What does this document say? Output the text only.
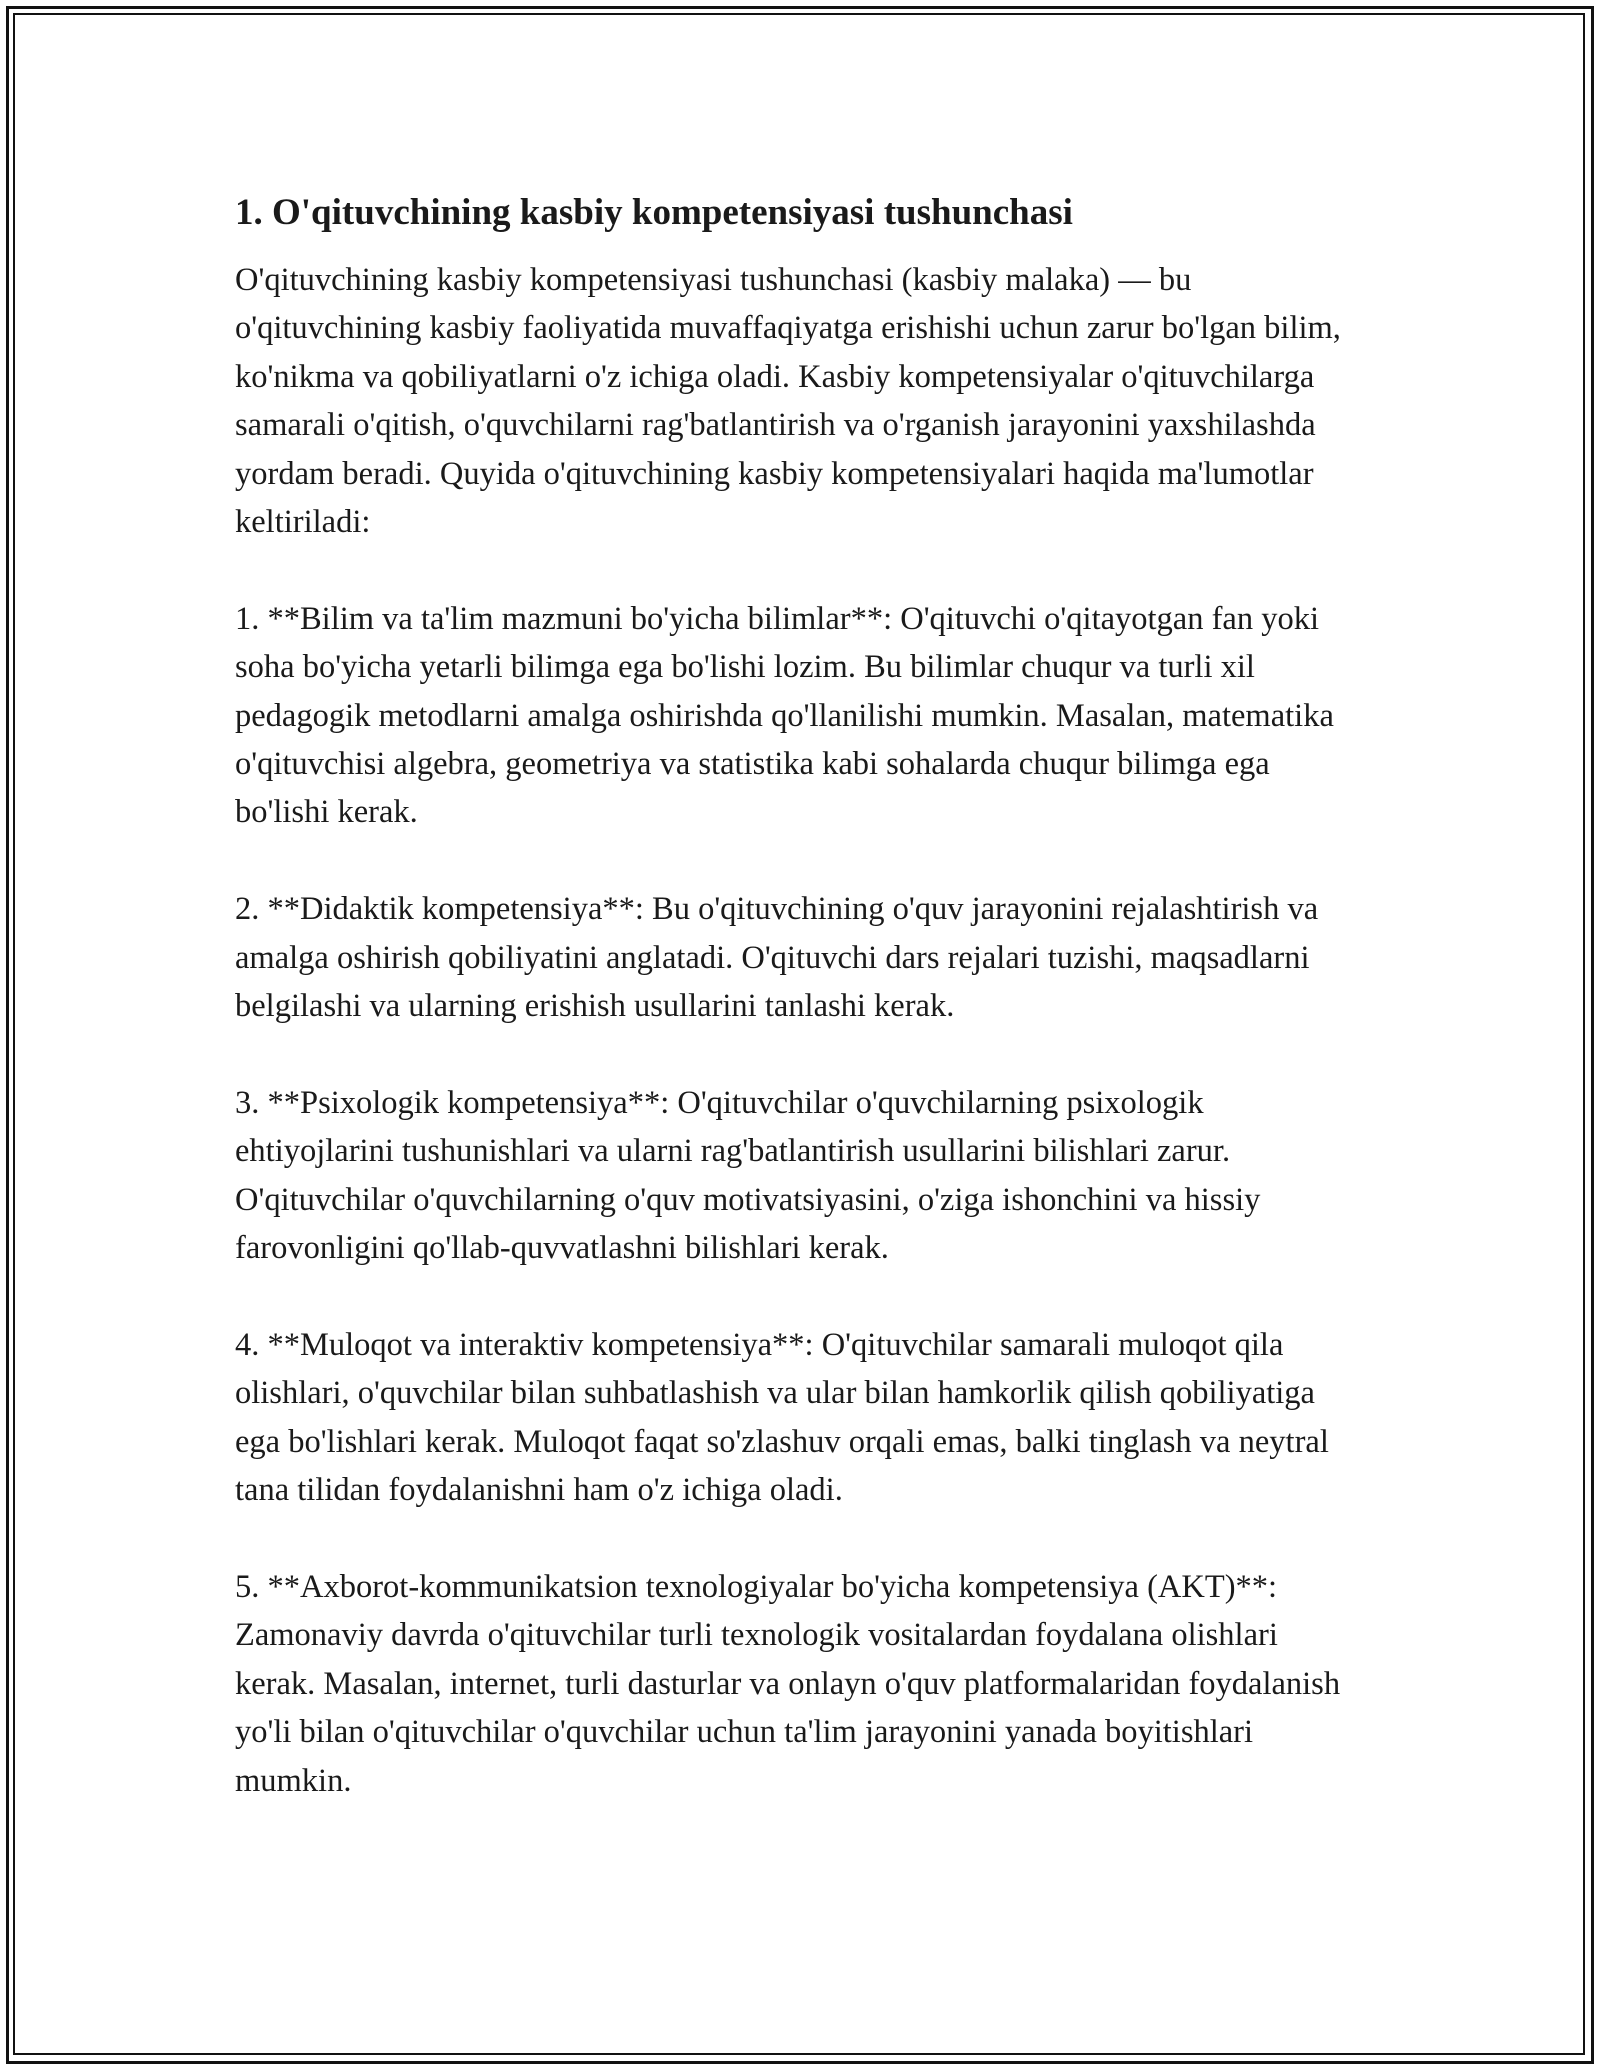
1. O'qituvchining kasbiy kompetensiyasi tushunchasi

O'qituvchining kasbiy kompetensiyasi tushunchasi (kasbiy malaka) — bu o'qituvchining kasbiy faoliyatida muvaffaqiyatga erishishi uchun zarur bo'lgan bilim, ko'nikma va qobiliyatlarni o'z ichiga oladi. Kasbiy kompetensiyalar o'qituvchilarga samarali o'qitish, o'quvchilarni rag'batlantirish va o'rganish jarayonini yaxshilashda yordam beradi. Quyida o'qituvchining kasbiy kompetensiyalari haqida ma'lumotlar keltiriladi:

1. **Bilim va ta'lim mazmuni bo'yicha bilimlar**: O'qituvchi o'qitayotgan fan yoki soha bo'yicha yetarli bilimga ega bo'lishi lozim. Bu bilimlar chuqur va turli xil pedagogik metodlarni amalga oshirishda qo'llanilishi mumkin. Masalan, matematika o'qituvchisi algebra, geometriya va statistika kabi sohalarda chuqur bilimga ega bo'lishi kerak.

2. **Didaktik kompetensiya**: Bu o'qituvchining o'quv jarayonini rejalashtirish va amalga oshirish qobiliyatini anglatadi. O'qituvchi dars rejalari tuzishi, maqsadlarni belgilashi va ularning erishish usullarini tanlashi kerak.

3. **Psixologik kompetensiya**: O'qituvchilar o'quvchilarning psixologik ehtiyojlarini tushunishlari va ularni rag'batlantirish usullarini bilishlari zarur. O'qituvchilar o'quvchilarning o'quv motivatsiyasini, o'ziga ishonchini va hissiy farovonligini qo'llab-quvvatlashni bilishlari kerak.

4. **Muloqot va interaktiv kompetensiya**: O'qituvchilar samarali muloqot qila olishlari, o'quvchilar bilan suhbatlashish va ular bilan hamkorlik qilish qobiliyatiga ega bo'lishlari kerak. Muloqot faqat so'zlashuv orqali emas, balki tinglash va neytral tana tilidan foydalanishni ham o'z ichiga oladi.

5. **Axborot-kommunikatsion texnologiyalar bo'yicha kompetensiya (AKT)**: Zamonaviy davrda o'qituvchilar turli texnologik vositalardan foydalana olishlari kerak. Masalan, internet, turli dasturlar va onlayn o'quv platformalaridan foydalanish yo'li bilan o'qituvchilar o'quvchilar uchun ta'lim jarayonini yanada boyitishlari mumkin.
